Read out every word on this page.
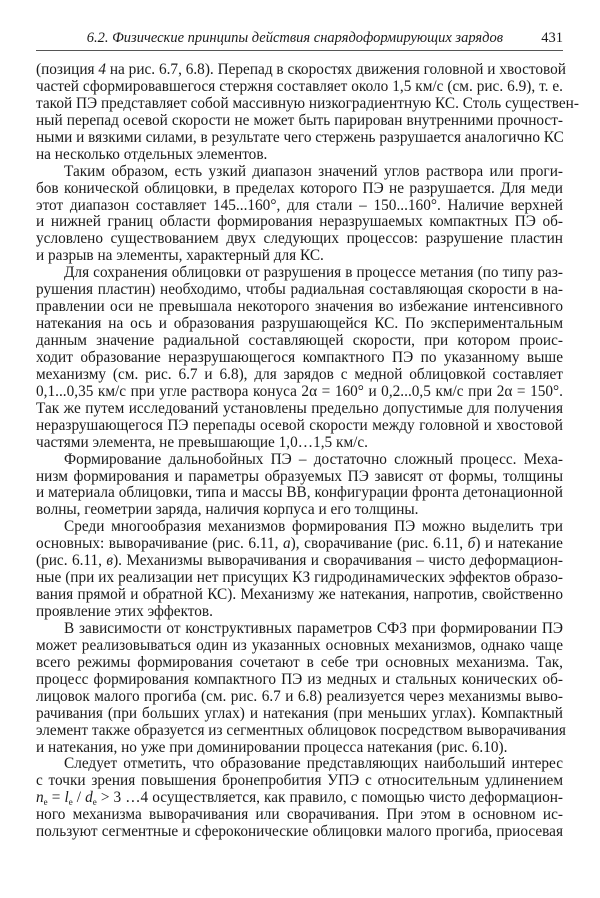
6.2. Физические принципы действия снарядоформирующих зарядов	431
(позиция 4 на рис. 6.7, 6.8). Перепад в скоростях движения головной и хвостовой
частей сформировавшегося стержня составляет около 1,5 км/с (см. рис. 6.9), т. е.
такой ПЭ представляет собой массивную низкоградиентную КС. Столь существен-
ный перепад осевой скорости не может быть парирован внутренними прочност-
ными и вязкими силами, в результате чего стержень разрушается аналогично КС
на несколько отдельных элементов.
Таким образом, есть узкий диапазон значений углов раствора или проги-
бов конической облицовки, в пределах которого ПЭ не разрушается. Для меди
этот диапазон составляет 145...160°, для стали – 150...160°. Наличие верхней
и нижней границ области формирования неразрушаемых компактных ПЭ об-
условлено существованием двух следующих процессов: разрушение пластин
и разрыв на элементы, характерный для КС.
Для сохранения облицовки от разрушения в процессе метания (по типу раз-
рушения пластин) необходимо, чтобы радиальная составляющая скорости в на-
правлении оси не превышала некоторого значения во избежание интенсивного
натекания на ось и образования разрушающейся КС. По экспериментальным
данным значение радиальной составляющей скорости, при котором проис-
ходит образование неразрушающегося компактного ПЭ по указанному выше
механизму (см. рис. 6.7 и 6.8), для зарядов с медной облицовкой составляет
0,1...0,35 км/с при угле раствора конуса 2α = 160° и 0,2...0,5 км/с при 2α = 150°.
Так же путем исследований установлены предельно допустимые для получения
неразрушающегося ПЭ перепады осевой скорости между головной и хвостовой
частями элемента, не превышающие 1,0…1,5 км/с.
Формирование дальнобойных ПЭ – достаточно сложный процесс. Меха-
низм формирования и параметры образуемых ПЭ зависят от формы, толщины
и материала облицовки, типа и массы ВВ, конфигурации фронта детонационной
волны, геометрии заряда, наличия корпуса и его толщины.
Среди многообразия механизмов формирования ПЭ можно выделить три
основных: выворачивание (рис. 6.11, а), сворачивание (рис. 6.11, б) и натекание
(рис. 6.11, в). Механизмы выворачивания и сворачивания – чисто деформацион-
ные (при их реализации нет присущих КЗ гидродинамических эффектов образо-
вания прямой и обратной КС). Механизму же натекания, напротив, свойственно
проявление этих эффектов.
В зависимости от конструктивных параметров СФЗ при формировании ПЭ
может реализовываться один из указанных основных механизмов, однако чаще
всего режимы формирования сочетают в себе три основных механизма. Так,
процесс формирования компактного ПЭ из медных и стальных конических об-
лицовок малого прогиба (см. рис. 6.7 и 6.8) реализуется через механизмы выво-
рачивания (при больших углах) и натекания (при меньших углах). Компактный
элемент также образуется из сегментных облицовок посредством выворачивания
и натекания, но уже при доминировании процесса натекания (рис. 6.10).
Следует отметить, что образование представляющих наибольший интерес
с точки зрения повышения бронепробития УПЭ с относительным удлинением
$n_e = l_e / d_e > 3$ …4 осуществляется, как правило, с помощью чисто деформацион-
ного механизма выворачивания или сворачивания. При этом в основном ис-
пользуют сегментные и сфероконические облицовки малого прогиба, приосевая
